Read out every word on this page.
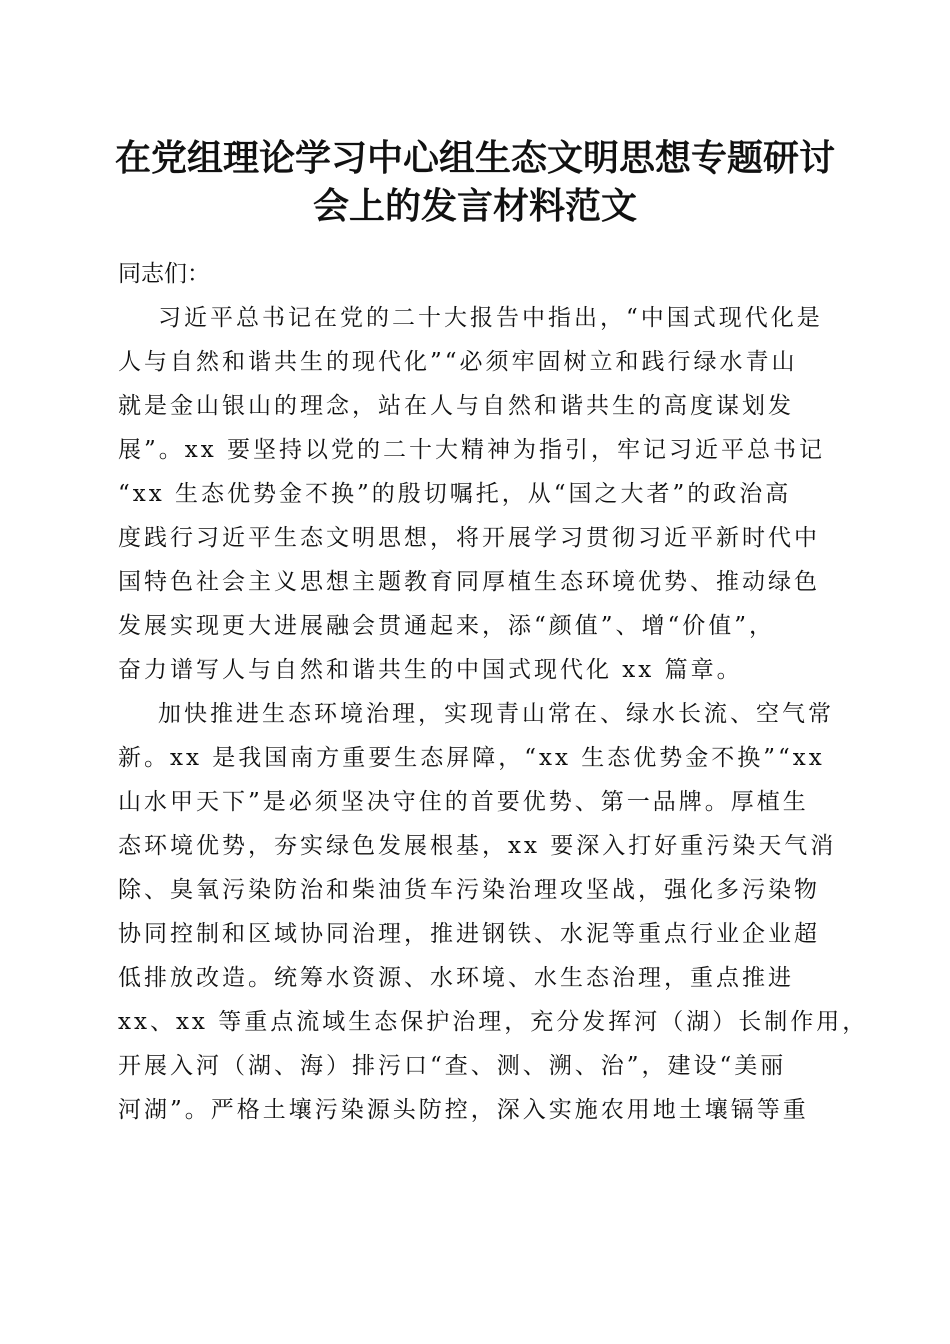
在党组理论学习中心组生态文明思想专题研讨
会上的发言材料范文

同志们：

习近平总书记在党的二十大报告中指出，“中国式现代化是
人与自然和谐共生的现代化”“必须牢固树立和践行绿水青山
就是金山银山的理念，站在人与自然和谐共生的高度谋划发
展”。xx 要坚持以党的二十大精神为指引，牢记习近平总书记
“xx 生态优势金不换”的殷切嘱托，从“国之大者”的政治高
度践行习近平生态文明思想，将开展学习贯彻习近平新时代中
国特色社会主义思想主题教育同厚植生态环境优势、推动绿色
发展实现更大进展融会贯通起来，添“颜值”、增“价值”，
奋力谱写人与自然和谐共生的中国式现代化 xx 篇章。

加快推进生态环境治理，实现青山常在、绿水长流、空气常
新。xx 是我国南方重要生态屏障，“xx 生态优势金不换”“xx
山水甲天下”是必须坚决守住的首要优势、第一品牌。厚植生
态环境优势，夯实绿色发展根基，xx 要深入打好重污染天气消
除、臭氧污染防治和柴油货车污染治理攻坚战，强化多污染物
协同控制和区域协同治理，推进钢铁、水泥等重点行业企业超
低排放改造。统筹水资源、水环境、水生态治理，重点推进
xx、xx 等重点流域生态保护治理，充分发挥河（湖）长制作用，
开展入河（湖、海）排污口“查、测、溯、治”，建设“美丽
河湖”。严格土壤污染源头防控，深入实施农用地土壤镉等重
